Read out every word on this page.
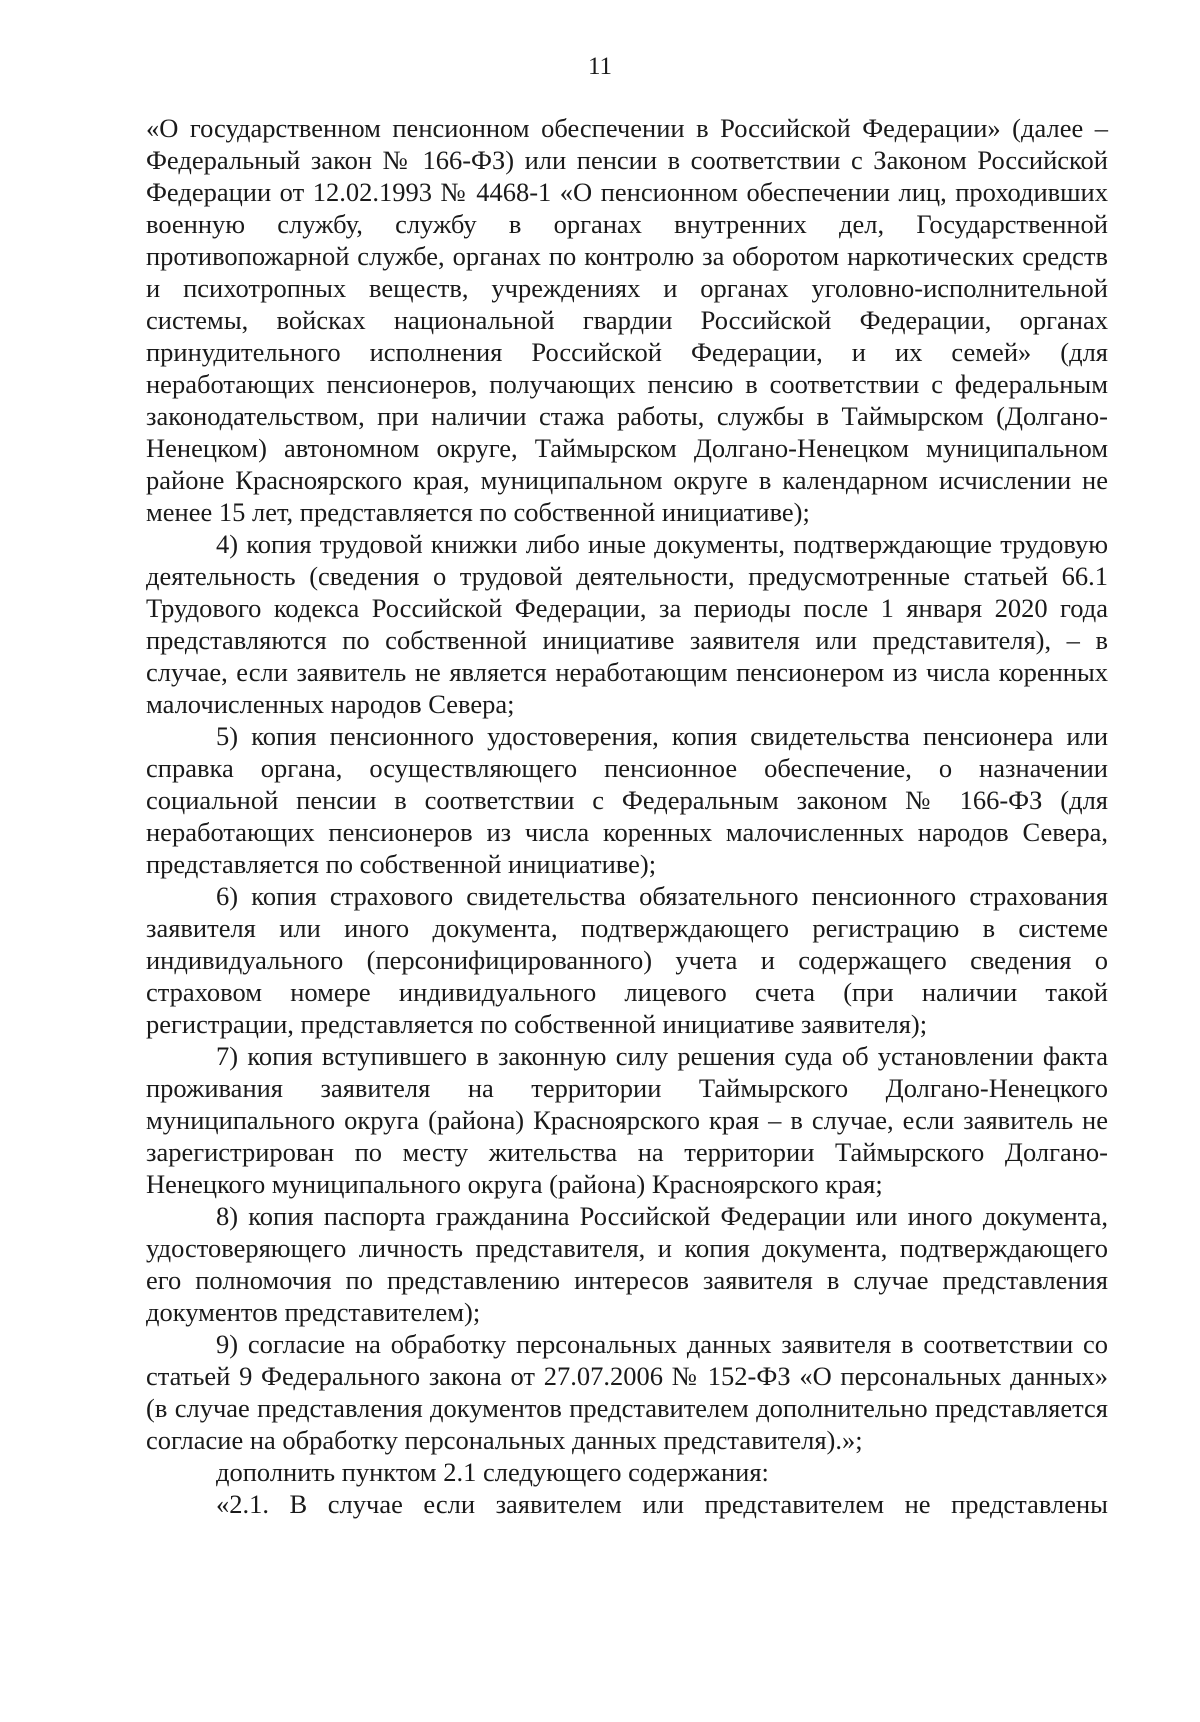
11

«О государственном пенсионном обеспечении в Российской Федерации» (далее – Федеральный закон № 166-ФЗ) или пенсии в соответствии с Законом Российской Федерации от 12.02.1993 № 4468-1 «О пенсионном обеспечении лиц, проходивших военную службу, службу в органах внутренних дел, Государственной противопожарной службе, органах по контролю за оборотом наркотических средств и психотропных веществ, учреждениях и органах уголовно-исполнительной системы, войсках национальной гвардии Российской Федерации, органах принудительного исполнения Российской Федерации, и их семей» (для неработающих пенсионеров, получающих пенсию в соответствии с федеральным законодательством, при наличии стажа работы, службы в Таймырском (Долгано-Ненецком) автономном округе, Таймырском Долгано-Ненецком муниципальном районе Красноярского края, муниципальном округе в календарном исчислении не менее 15 лет, представляется по собственной инициативе);

4) копия трудовой книжки либо иные документы, подтверждающие трудовую деятельность (сведения о трудовой деятельности, предусмотренные статьей 66.1 Трудового кодекса Российской Федерации, за периоды после 1 января 2020 года представляются по собственной инициативе заявителя или представителя), – в случае, если заявитель не является неработающим пенсионером из числа коренных малочисленных народов Севера;

5) копия пенсионного удостоверения, копия свидетельства пенсионера или справка органа, осуществляющего пенсионное обеспечение, о назначении социальной пенсии в соответствии с Федеральным законом № 166-ФЗ (для неработающих пенсионеров из числа коренных малочисленных народов Севера, представляется по собственной инициативе);

6) копия страхового свидетельства обязательного пенсионного страхования заявителя или иного документа, подтверждающего регистрацию в системе индивидуального (персонифицированного) учета и содержащего сведения о страховом номере индивидуального лицевого счета (при наличии такой регистрации, представляется по собственной инициативе заявителя);

7) копия вступившего в законную силу решения суда об установлении факта проживания заявителя на территории Таймырского Долгано-Ненецкого муниципального округа (района) Красноярского края – в случае, если заявитель не зарегистрирован по месту жительства на территории Таймырского Долгано-Ненецкого муниципального округа (района) Красноярского края;

8) копия паспорта гражданина Российской Федерации или иного документа, удостоверяющего личность представителя, и копия документа, подтверждающего его полномочия по представлению интересов заявителя в случае представления документов представителем);

9) согласие на обработку персональных данных заявителя в соответствии со статьей 9 Федерального закона от 27.07.2006 № 152-ФЗ «О персональных данных» (в случае представления документов представителем дополнительно представляется согласие на обработку персональных данных представителя).»;

дополнить пунктом 2.1 следующего содержания:

«2.1. В случае если заявителем или представителем не представлены
